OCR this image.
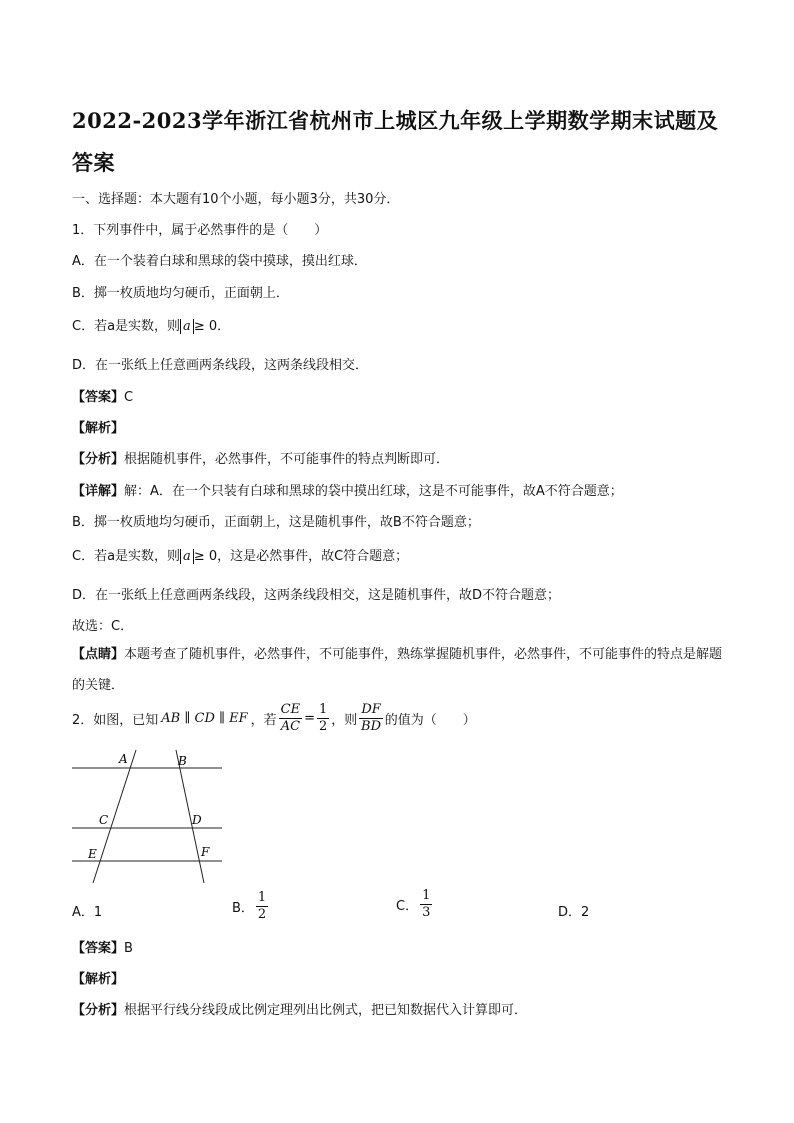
2022-2023学年浙江省杭州市上城区九年级上学期数学期末试题及答案
一、选择题：本大题有10个小题，每小题3分，共30分．
1．下列事件中，属于必然事件的是（　　）
A．在一个装着白球和黑球的袋中摸球，摸出红球．
B．掷一枚质地均匀硬币，正面朝上．
C．若a是实数，则 a ≥ 0．
D．在一张纸上任意画两条线段，这两条线段相交．
【答案】C
【解析】
【分析】根据随机事件，必然事件，不可能事件的特点判断即可．
【详解】解：A．在一个只装有白球和黑球的袋中摸出红球，这是不可能事件，故A不符合题意；
B．掷一枚质地均匀硬币，正面朝上，这是随机事件，故B不符合题意；
C．若a是实数，则 a ≥ 0，这是必然事件，故C符合题意；
D．在一张纸上任意画两条线段，这两条线段相交，这是随机事件，故D不符合题意；
故选：C．
【点睛】本题考查了随机事件，必然事件，不可能事件，熟练掌握随机事件，必然事件，不可能事件的特点是解题的关键．
2．如图，已知 AB ∥ CD ∥ EF ，若 $\frac{CE}{AC} = \frac{1}{2}$ ，则 $\frac{DF}{BD}$ 的值为（　　）
A	B
C	D
E	F
A．1	B． $\frac{1}{2}$	C． $\frac{1}{3}$	D．2
【答案】B
【解析】
【分析】根据平行线分线段成比例定理列出比例式，把已知数据代入计算即可．
